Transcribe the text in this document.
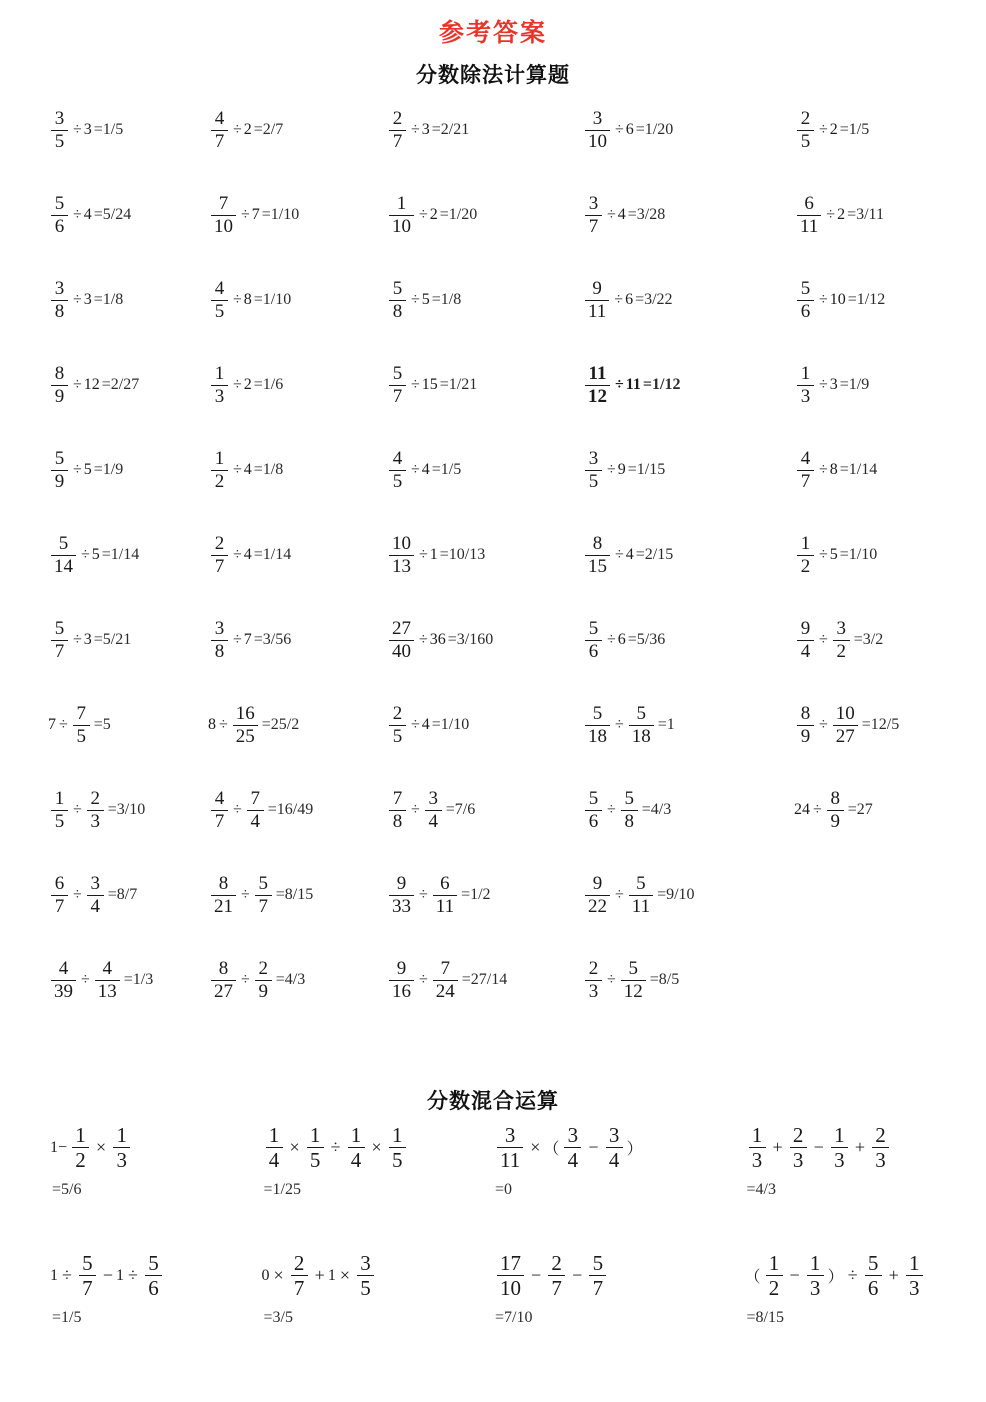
参考答案
分数除法计算题
$\frac{3}{5} \div 3 =1/5$	$\frac{4}{7} \div 2 =2/7$	$\frac{2}{7} \div 3 =2/21$	$\frac{3}{10} \div 6 =1/20$	$\frac{2}{5} \div 2 =1/5$
$\frac{5}{6} \div 4 =5/24$	$\frac{7}{10} \div 7 =1/10$	$\frac{1}{10} \div 2 =1/20$	$\frac{3}{7} \div 4 =3/28$	$\frac{6}{11} \div 2 =3/11$
$\frac{3}{8} \div 3 =1/8$	$\frac{4}{5} \div 8 =1/10$	$\frac{5}{8} \div 5 =1/8$	$\frac{9}{11} \div 6 =3/22$	$\frac{5}{6} \div 10 =1/12$
$\frac{8}{9} \div 12 =2/27$	$\frac{1}{3} \div 2 =1/6$	$\frac{5}{7} \div 15 =1/21$	$\frac{11}{12} \div 11 =1/12$	$\frac{1}{3} \div 3 =1/9$
$\frac{5}{9} \div 5 =1/9$	$\frac{1}{2} \div 4 =1/8$	$\frac{4}{5} \div 4 =1/5$	$\frac{3}{5} \div 9 =1/15$	$\frac{4}{7} \div 8 =1/14$
$\frac{5}{14} \div 5 =1/14$	$\frac{2}{7} \div 4 =1/14$	$\frac{10}{13} \div 1 =10/13$	$\frac{8}{15} \div 4 =2/15$	$\frac{1}{2} \div 5 =1/10$
$\frac{5}{7} \div 3 =5/21$	$\frac{3}{8} \div 7 =3/56$	$\frac{27}{40} \div 36 =3/160$	$\frac{5}{6} \div 6 =5/36$	$\frac{9}{4} \div \frac{3}{2} =3/2$
$7 \div \frac{7}{5} =5$	$8 \div \frac{16}{25} =25/2$	$\frac{2}{5} \div 4 =1/10$	$\frac{5}{18} \div \frac{5}{18} =1$	$\frac{8}{9} \div \frac{10}{27} =12/5$
$\frac{1}{5} \div \frac{2}{3} =3/10$	$\frac{4}{7} \div \frac{7}{4} =16/49$	$\frac{7}{8} \div \frac{3}{4} =7/6$	$\frac{5}{6} \div \frac{5}{8} =4/3$	$24 \div \frac{8}{9} =27$
$\frac{6}{7} \div \frac{3}{4} =8/7$	$\frac{8}{21} \div \frac{5}{7} =8/15$	$\frac{9}{33} \div \frac{6}{11} =1/2$	$\frac{9}{22} \div \frac{5}{11} =9/10$
$\frac{4}{39} \div \frac{4}{13} =1/3$	$\frac{8}{27} \div \frac{2}{9} =4/3$	$\frac{9}{16} \div \frac{7}{24} =27/14$	$\frac{2}{3} \div \frac{5}{12} =8/5$
分数混合运算
$1- \frac{1}{2} \times \frac{1}{3}$
=5/6
$\frac{1}{4} \times \frac{1}{5} \div \frac{1}{4} \times \frac{1}{5}$
=1/25
$\frac{3}{11}$ × （ $\frac{3}{4} - \frac{3}{4}$ ）
=0
$\frac{1}{3} + \frac{2}{3} - \frac{1}{3} + \frac{2}{3}$
=4/3
$1 \div \frac{5}{7} - 1 \div \frac{5}{6}$
=1/5
$0 \times \frac{2}{7} + 1 \times \frac{3}{5}$
=3/5
$\frac{17}{10} - \frac{2}{7} - \frac{5}{7}$
=7/10
（ $\frac{1}{2} - \frac{1}{3}$ ） ÷ $\frac{5}{6} + \frac{1}{3}$
=8/15
